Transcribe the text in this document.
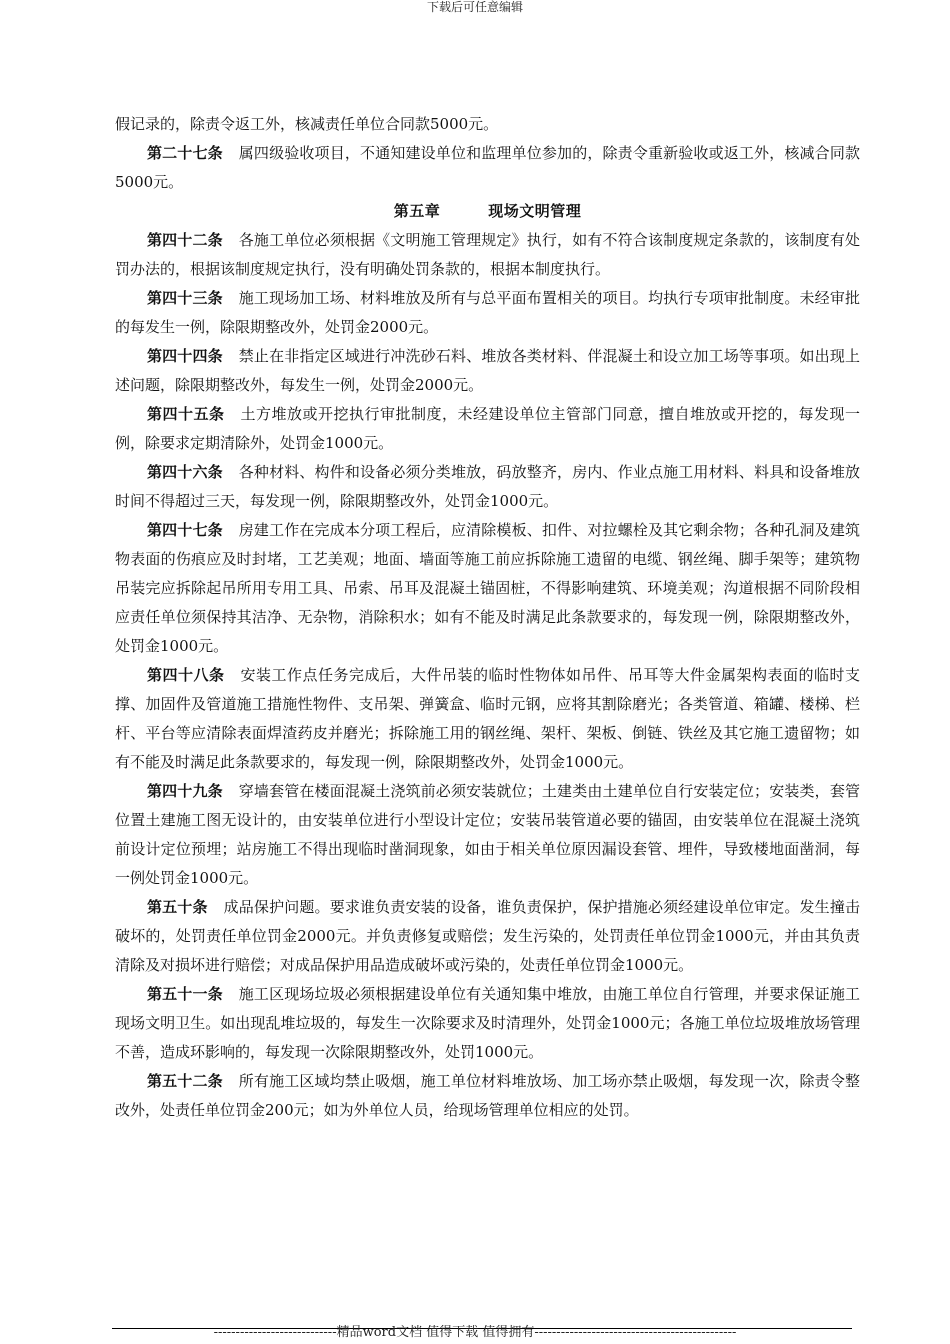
下载后可任意编辑

假记录的，除责令返工外，核减责任单位合同款5000元。

第二十七条 属四级验收项目，不通知建设单位和监理单位参加的，除责令重新验收或返工外，核减合同款5000元。

第五章	现场文明管理

第四十二条 各施工单位必须根据《文明施工管理规定》执行，如有不符合该制度规定条款的，该制度有处罚办法的，根据该制度规定执行，没有明确处罚条款的，根据本制度执行。

第四十三条 施工现场加工场、材料堆放及所有与总平面布置相关的项目。均执行专项审批制度。未经审批的每发生一例，除限期整改外，处罚金2000元。

第四十四条 禁止在非指定区域进行冲洗砂石料、堆放各类材料、伴混凝土和设立加工场等事项。如出现上述问题，除限期整改外，每发生一例，处罚金2000元。

第四十五条 土方堆放或开挖执行审批制度，未经建设单位主管部门同意，擅自堆放或开挖的，每发现一例，除要求定期清除外，处罚金1000元。

第四十六条 各种材料、构件和设备必须分类堆放，码放整齐，房内、作业点施工用材料、料具和设备堆放时间不得超过三天，每发现一例，除限期整改外，处罚金1000元。

第四十七条 房建工作在完成本分项工程后，应清除模板、扣件、对拉螺栓及其它剩余物；各种孔洞及建筑物表面的伤痕应及时封堵，工艺美观；地面、墙面等施工前应拆除施工遗留的电缆、钢丝绳、脚手架等；建筑物吊装完应拆除起吊所用专用工具、吊索、吊耳及混凝土锚固桩，不得影响建筑、环境美观；沟道根据不同阶段相应责任单位须保持其洁净、无杂物，消除积水；如有不能及时满足此条款要求的，每发现一例，除限期整改外，处罚金1000元。

第四十八条 安装工作点任务完成后，大件吊装的临时性物体如吊件、吊耳等大件金属架构表面的临时支撑、加固件及管道施工措施性物件、支吊架、弹簧盒、临时元钢，应将其割除磨光；各类管道、箱罐、楼梯、栏杆、平台等应清除表面焊渣药皮并磨光；拆除施工用的钢丝绳、架杆、架板、倒链、铁丝及其它施工遗留物；如有不能及时满足此条款要求的，每发现一例，除限期整改外，处罚金1000元。

第四十九条 穿墙套管在楼面混凝土浇筑前必须安装就位；土建类由土建单位自行安装定位；安装类，套管位置土建施工图无设计的，由安装单位进行小型设计定位；安装吊装管道必要的锚固，由安装单位在混凝土浇筑前设计定位预埋；站房施工不得出现临时凿洞现象，如由于相关单位原因漏设套管、埋件，导致楼地面凿洞，每一例处罚金1000元。

第五十条 成品保护问题。要求谁负责安装的设备，谁负责保护，保护措施必须经建设单位审定。发生撞击破坏的，处罚责任单位罚金2000元。并负责修复或赔偿；发生污染的，处罚责任单位罚金1000元，并由其负责清除及对损坏进行赔偿；对成品保护用品造成破坏或污染的，处责任单位罚金1000元。

第五十一条 施工区现场垃圾必须根据建设单位有关通知集中堆放，由施工单位自行管理，并要求保证施工现场文明卫生。如出现乱堆垃圾的，每发生一次除要求及时清理外，处罚金1000元；各施工单位垃圾堆放场管理不善，造成环影响的，每发现一次除限期整改外，处罚1000元。

第五十二条 所有施工区域均禁止吸烟，施工单位材料堆放场、加工场亦禁止吸烟，每发现一次，除责令整改外，处责任单位罚金200元；如为外单位人员，给现场管理单位相应的处罚。

----------------------------精品word文档 值得下载 值得拥有----------------------------------------------
